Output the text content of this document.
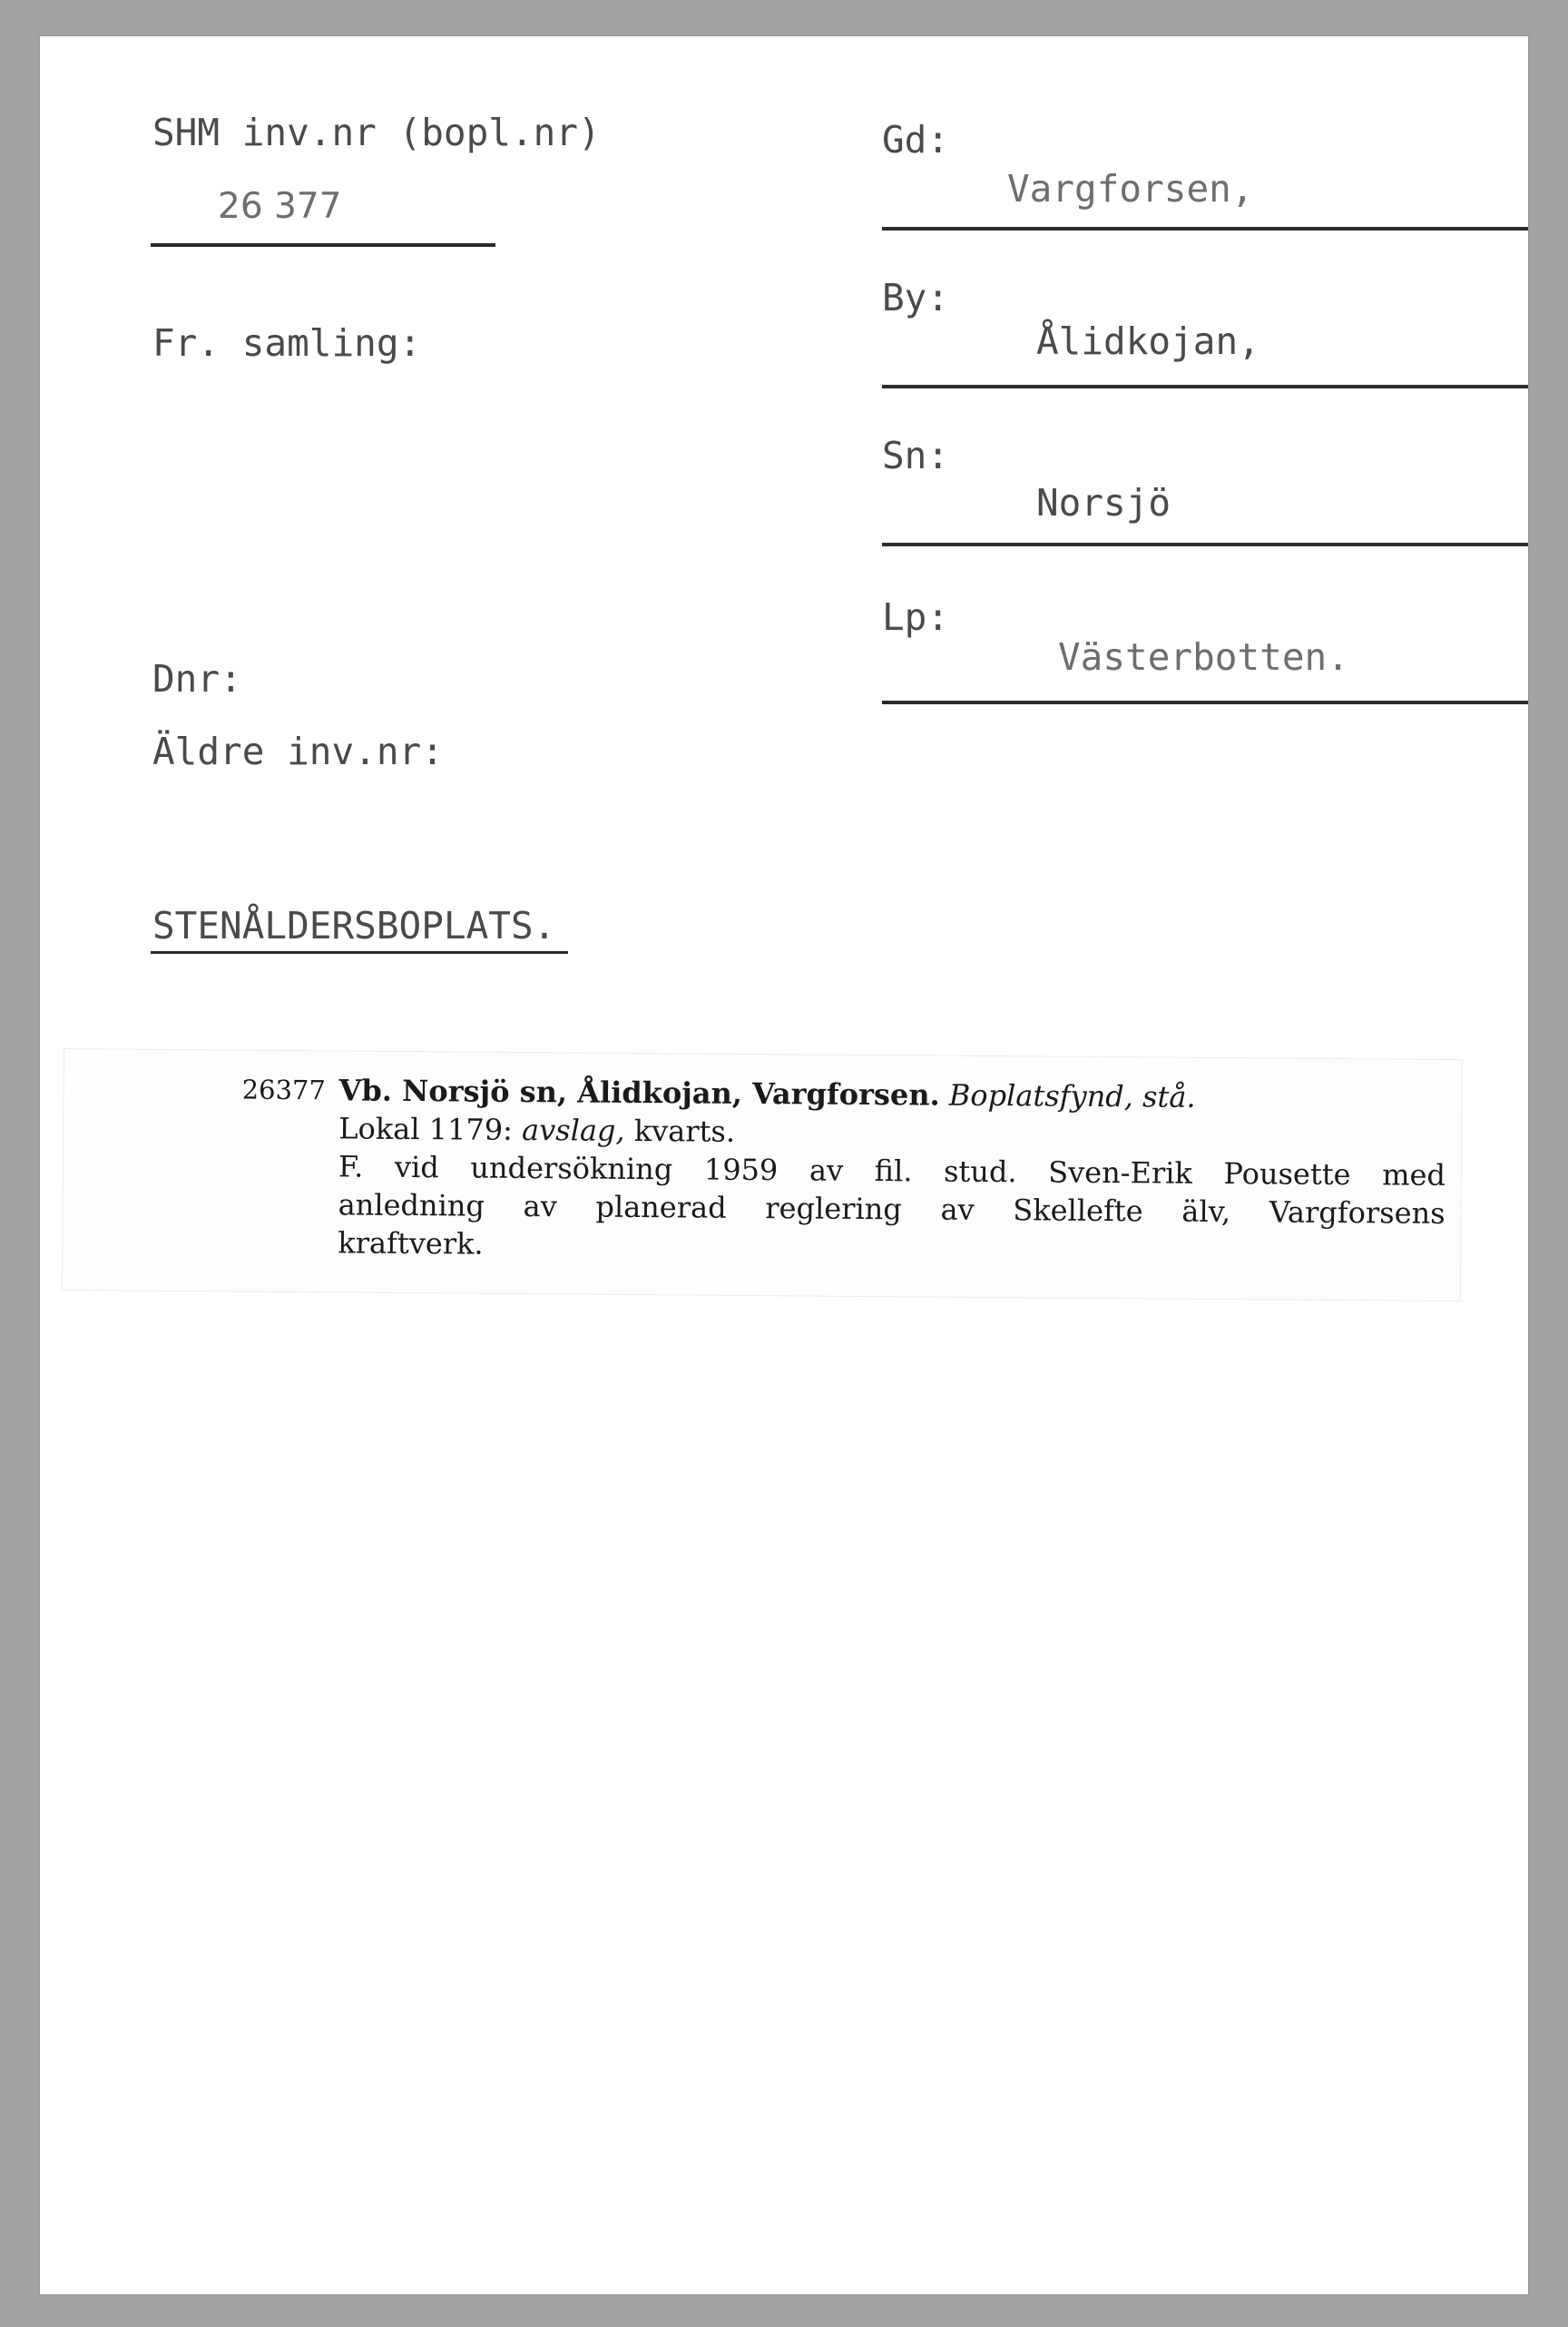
SHM inv.nr (bopl.nr)
26 377
Fr. samling:
Dnr:
Äldre inv.nr:
STENÅLDERSBOPLATS.
Gd:
Vargforsen,
By:
Ålidkojan,
Sn:
Norsjö
Lp:
Västerbotten.
26377 Vb. Norsjö sn, Ålidkojan, Vargforsen. Boplatsfynd, stå.
Lokal 1179: avslag, kvarts.
F. vid undersökning 1959 av fil. stud. Sven-Erik Pousette med
anledning av planerad reglering av Skellefte älv, Vargforsens
kraftverk.
